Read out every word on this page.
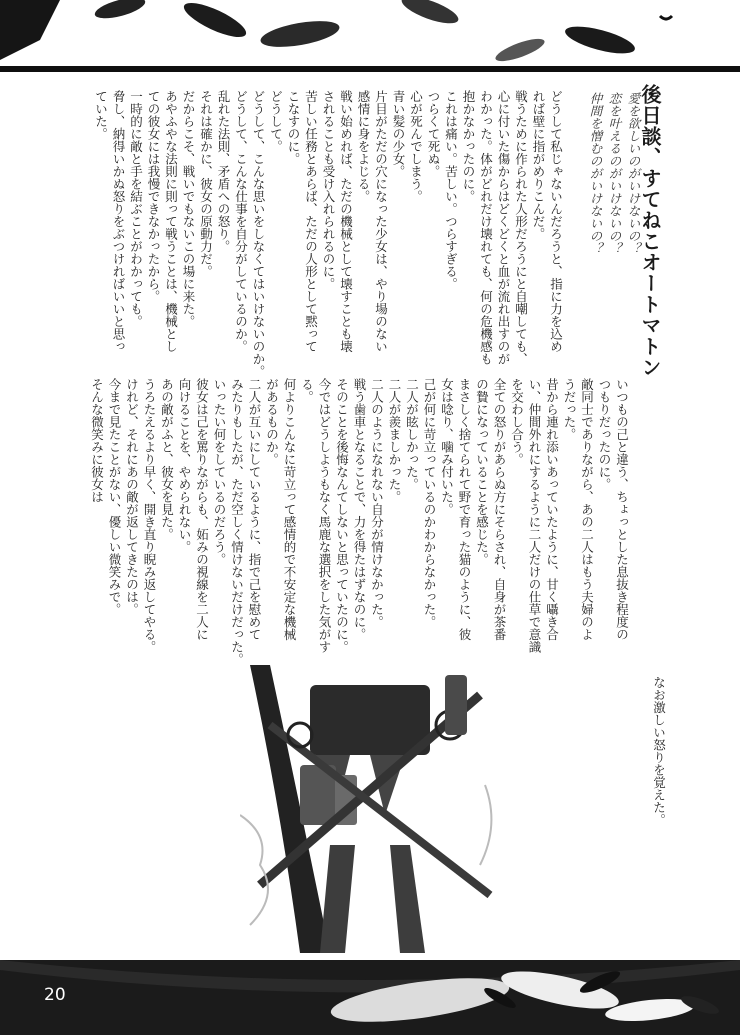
後日談、すてねこオートマトン
愛を欲しいのがいけないの？
恋を叶えるのがいけないの？
仲間を憎むのがいけないの？
どうして私じゃないんだろうと、指に力を込め
れば壁に指がめりこんだ。
戦うために作られた人形だろうにと自嘲しても、
心に付いた傷からはどくどくと血が流れ出すのが
わかった。体がどれだけ壊れても、何の危機感も
抱かなかったのに。
これは痛い。苦しい。つらすぎる。
つらくて死ぬ。
心が死んでしまう。
青い髪の少女。
片目がただの穴になった少女は、やり場のない
感情に身をよじる。
戦い始めれば、ただの機械として壊すことも壊
されることも受け入れられるのに。
苦しい任務とあらば、ただの人形として黙って
こなすのに。
どうして。
どうして、こんな思いをしなくてはいけないのか。
どうして、こんな仕事を自分がしているのか。
乱れた法則、矛盾への怒り。
それは確かに、彼女の原動力だ。
だからこそ、戦いでもないこの場に来た。
あやふやな法則に則って戦うことは、機械とし
ての彼女には我慢できなかったから。
一時的に敵と手を結ぶことがわかっても。
脅し、納得いかぬ怒りをぶつければいいと思っ
ていた。
いつもの己と違う、ちょっとした息抜き程度の
つもりだったのに。
敵同士でありながら、あの二人はもう夫婦のよ
うだった。
昔から連れ添いあっていたように、甘く囁き合
い、仲間外れにするように二人だけの仕草で意識
を交わし合う。
全ての怒りがあらぬ方にそらされ、自身が茶番
の贄になっていることを感じた。
まさしく捨てられて野で育った猫のように、彼
女は唸り、噛み付いた。
己が何に苛立っているのかわからなかった。
二人が眩しかった。
二人が羨ましかった。
二人のようになれない自分が情けなかった。
戦う歯車となることで、力を得たはずなのに。
そのことを後悔なんてしないと思っていたのに。
今ではどうしようもなく馬鹿な選択をした気がす
る。
何よりこんなに苛立って感情的で不安定な機械
があるものか。
二人が互いにしているように、指で己を慰めて
みたりもしたが、ただ空しく情けないだけだった。
いったい何をしているのだろう。
彼女は己を罵りながらも、妬みの視線を二人に
向けることを、やめられない。
あの敵がふと、彼女を見た。
うろたえるより早く、開き直り睨み返してやる。
けれど、それにあの敵が返してきたのは。
今まで見たことがない、優しい微笑みで。
そんな微笑みに彼女は
なお激しい怒りを覚えた。
20
